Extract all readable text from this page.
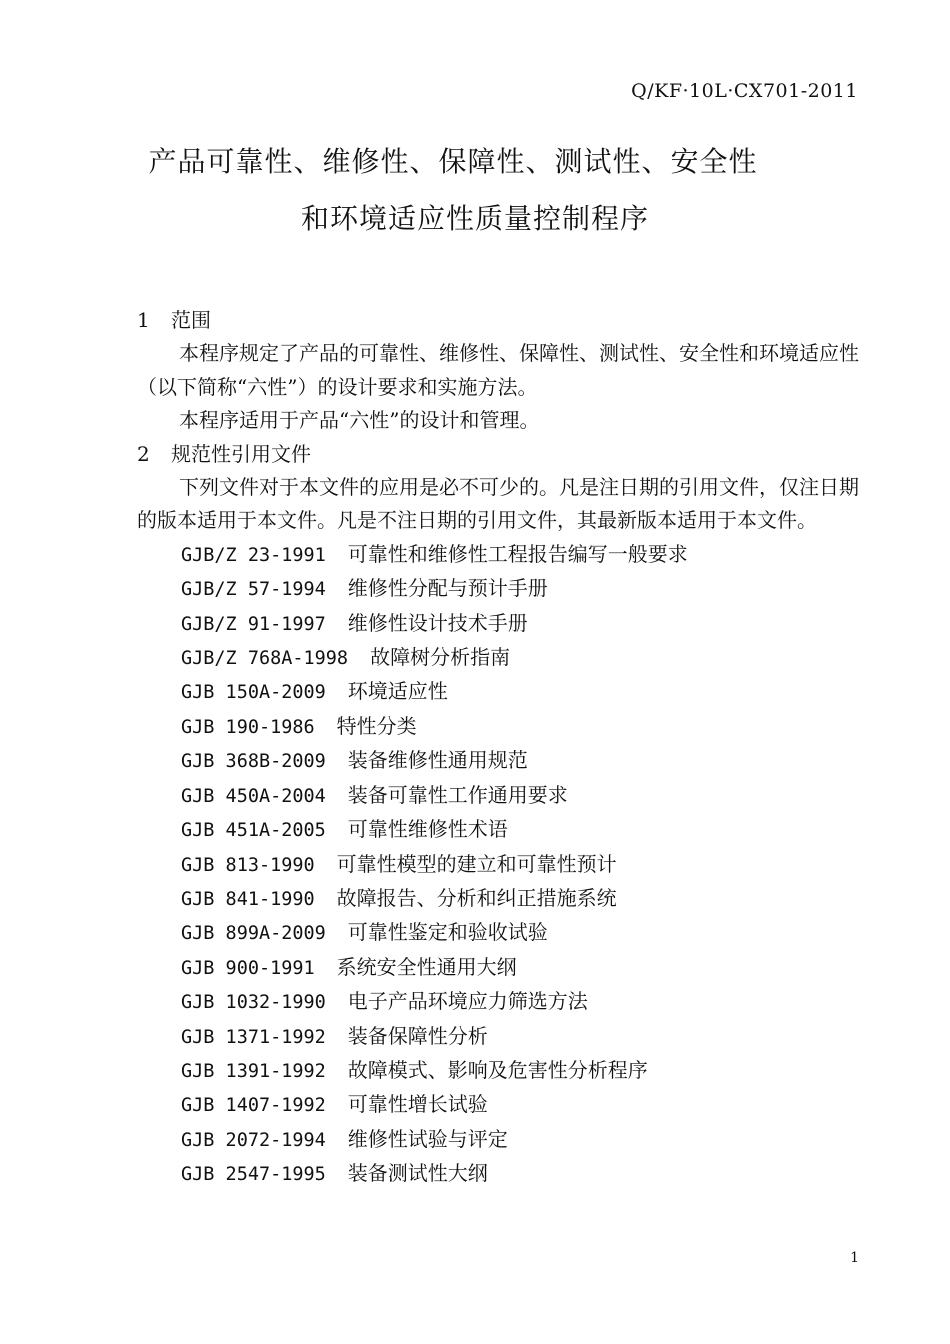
Q/KF·10L·CX701-2011
产品可靠性、维修性、保障性、测试性、安全性
和环境适应性质量控制程序

1 范围

本程序规定了产品的可靠性、维修性、保障性、测试性、安全性和环境适应性（以下简称“六性”）的设计要求和实施方法。

本程序适用于产品“六性”的设计和管理。

2 规范性引用文件

下列文件对于本文件的应用是必不可少的。凡是注日期的引用文件，仅注日期的版本适用于本文件。凡是不注日期的引用文件，其最新版本适用于本文件。

GJB/Z 23-1991 可靠性和维修性工程报告编写一般要求
GJB/Z 57-1994 维修性分配与预计手册
GJB/Z 91-1997 维修性设计技术手册
GJB/Z 768A-1998 故障树分析指南
GJB 150A-2009 环境适应性
GJB 190-1986 特性分类
GJB 368B-2009 装备维修性通用规范
GJB 450A-2004 装备可靠性工作通用要求
GJB 451A-2005 可靠性维修性术语
GJB 813-1990 可靠性模型的建立和可靠性预计
GJB 841-1990 故障报告、分析和纠正措施系统
GJB 899A-2009 可靠性鉴定和验收试验
GJB 900-1991 系统安全性通用大纲
GJB 1032-1990 电子产品环境应力筛选方法
GJB 1371-1992 装备保障性分析
GJB 1391-1992 故障模式、影响及危害性分析程序
GJB 1407-1992 可靠性增长试验
GJB 2072-1994 维修性试验与评定
GJB 2547-1995 装备测试性大纲
1
